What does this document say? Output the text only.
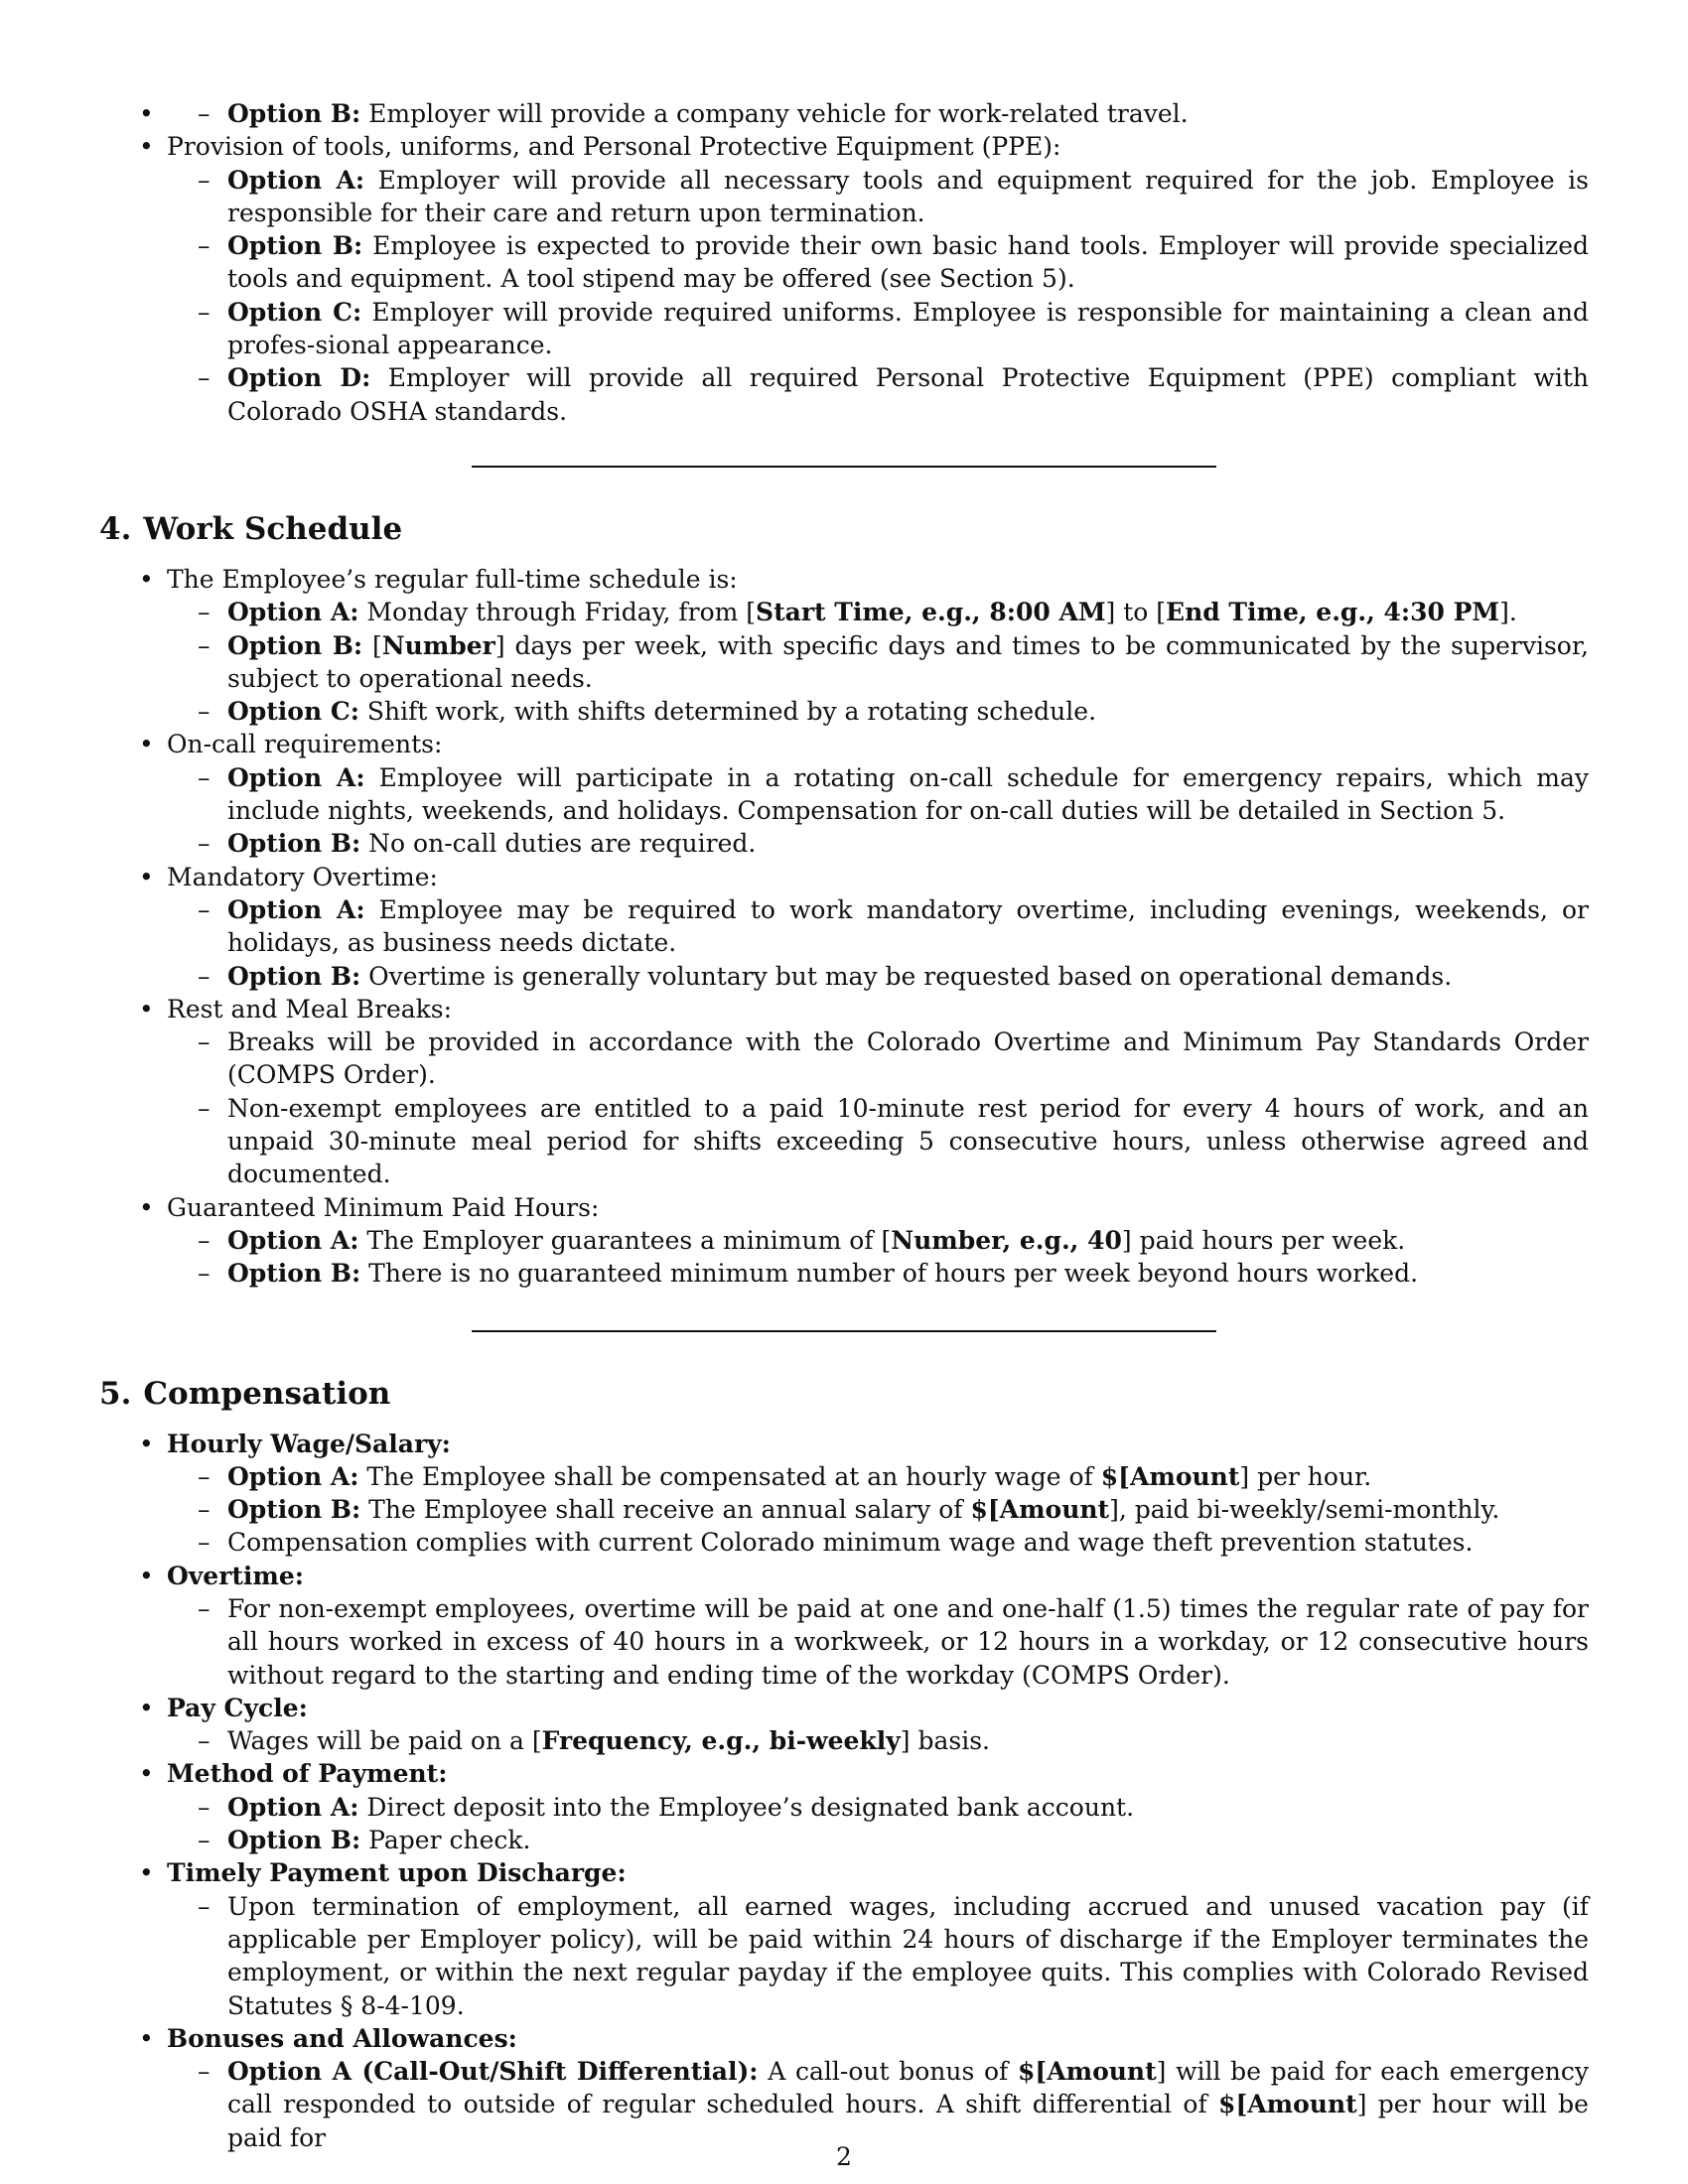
– • Option B: Employer will provide a company vehicle for work-related travel.
• Provision of tools, uniforms, and Personal Protective Equipment (PPE):
– Option A: Employer will provide all necessary tools and equipment required for the job. Employee is responsible for their care and return upon termination.
– Option B: Employee is expected to provide their own basic hand tools. Employer will provide specialized tools and equipment. A tool stipend may be offered (see Section 5).
– Option C: Employer will provide required uniforms. Employee is responsible for maintaining a clean and profes-sional appearance.
– Option D: Employer will provide all required Personal Protective Equipment (PPE) compliant with Colorado OSHA standards.
4. Work Schedule
• The Employee’s regular full-time schedule is:
– Option A: Monday through Friday, from [Start Time, e.g., 8:00 AM] to [End Time, e.g., 4:30 PM].
– Option B: [Number] days per week, with specific days and times to be communicated by the supervisor, subject to operational needs.
– Option C: Shift work, with shifts determined by a rotating schedule.
• On-call requirements:
– Option A: Employee will participate in a rotating on-call schedule for emergency repairs, which may include nights, weekends, and holidays. Compensation for on-call duties will be detailed in Section 5.
– Option B: No on-call duties are required.
• Mandatory Overtime:
– Option A: Employee may be required to work mandatory overtime, including evenings, weekends, or holidays, as business needs dictate.
– Option B: Overtime is generally voluntary but may be requested based on operational demands.
• Rest and Meal Breaks:
– Breaks will be provided in accordance with the Colorado Overtime and Minimum Pay Standards Order (COMPS Order).
– Non-exempt employees are entitled to a paid 10-minute rest period for every 4 hours of work, and an unpaid 30-minute meal period for shifts exceeding 5 consecutive hours, unless otherwise agreed and documented.
• Guaranteed Minimum Paid Hours:
– Option A: The Employer guarantees a minimum of [Number, e.g., 40] paid hours per week.
– Option B: There is no guaranteed minimum number of hours per week beyond hours worked.
5. Compensation
• Hourly Wage/Salary:
– Option A: The Employee shall be compensated at an hourly wage of $[Amount] per hour.
– Option B: The Employee shall receive an annual salary of $[Amount], paid bi-weekly/semi-monthly.
– Compensation complies with current Colorado minimum wage and wage theft prevention statutes.
• Overtime:
– For non-exempt employees, overtime will be paid at one and one-half (1.5) times the regular rate of pay for all hours worked in excess of 40 hours in a workweek, or 12 hours in a workday, or 12 consecutive hours without regard to the starting and ending time of the workday (COMPS Order).
• Pay Cycle:
– Wages will be paid on a [Frequency, e.g., bi-weekly] basis.
• Method of Payment:
– Option A: Direct deposit into the Employee’s designated bank account.
– Option B: Paper check.
• Timely Payment upon Discharge:
– Upon termination of employment, all earned wages, including accrued and unused vacation pay (if applicable per Employer policy), will be paid within 24 hours of discharge if the Employer terminates the employment, or within the next regular payday if the employee quits. This complies with Colorado Revised Statutes § 8-4-109.
• Bonuses and Allowances:
– Option A (Call-Out/Shift Differential): A call-out bonus of $[Amount] will be paid for each emergency call responded to outside of regular scheduled hours. A shift differential of $[Amount] per hour will be paid for
2
